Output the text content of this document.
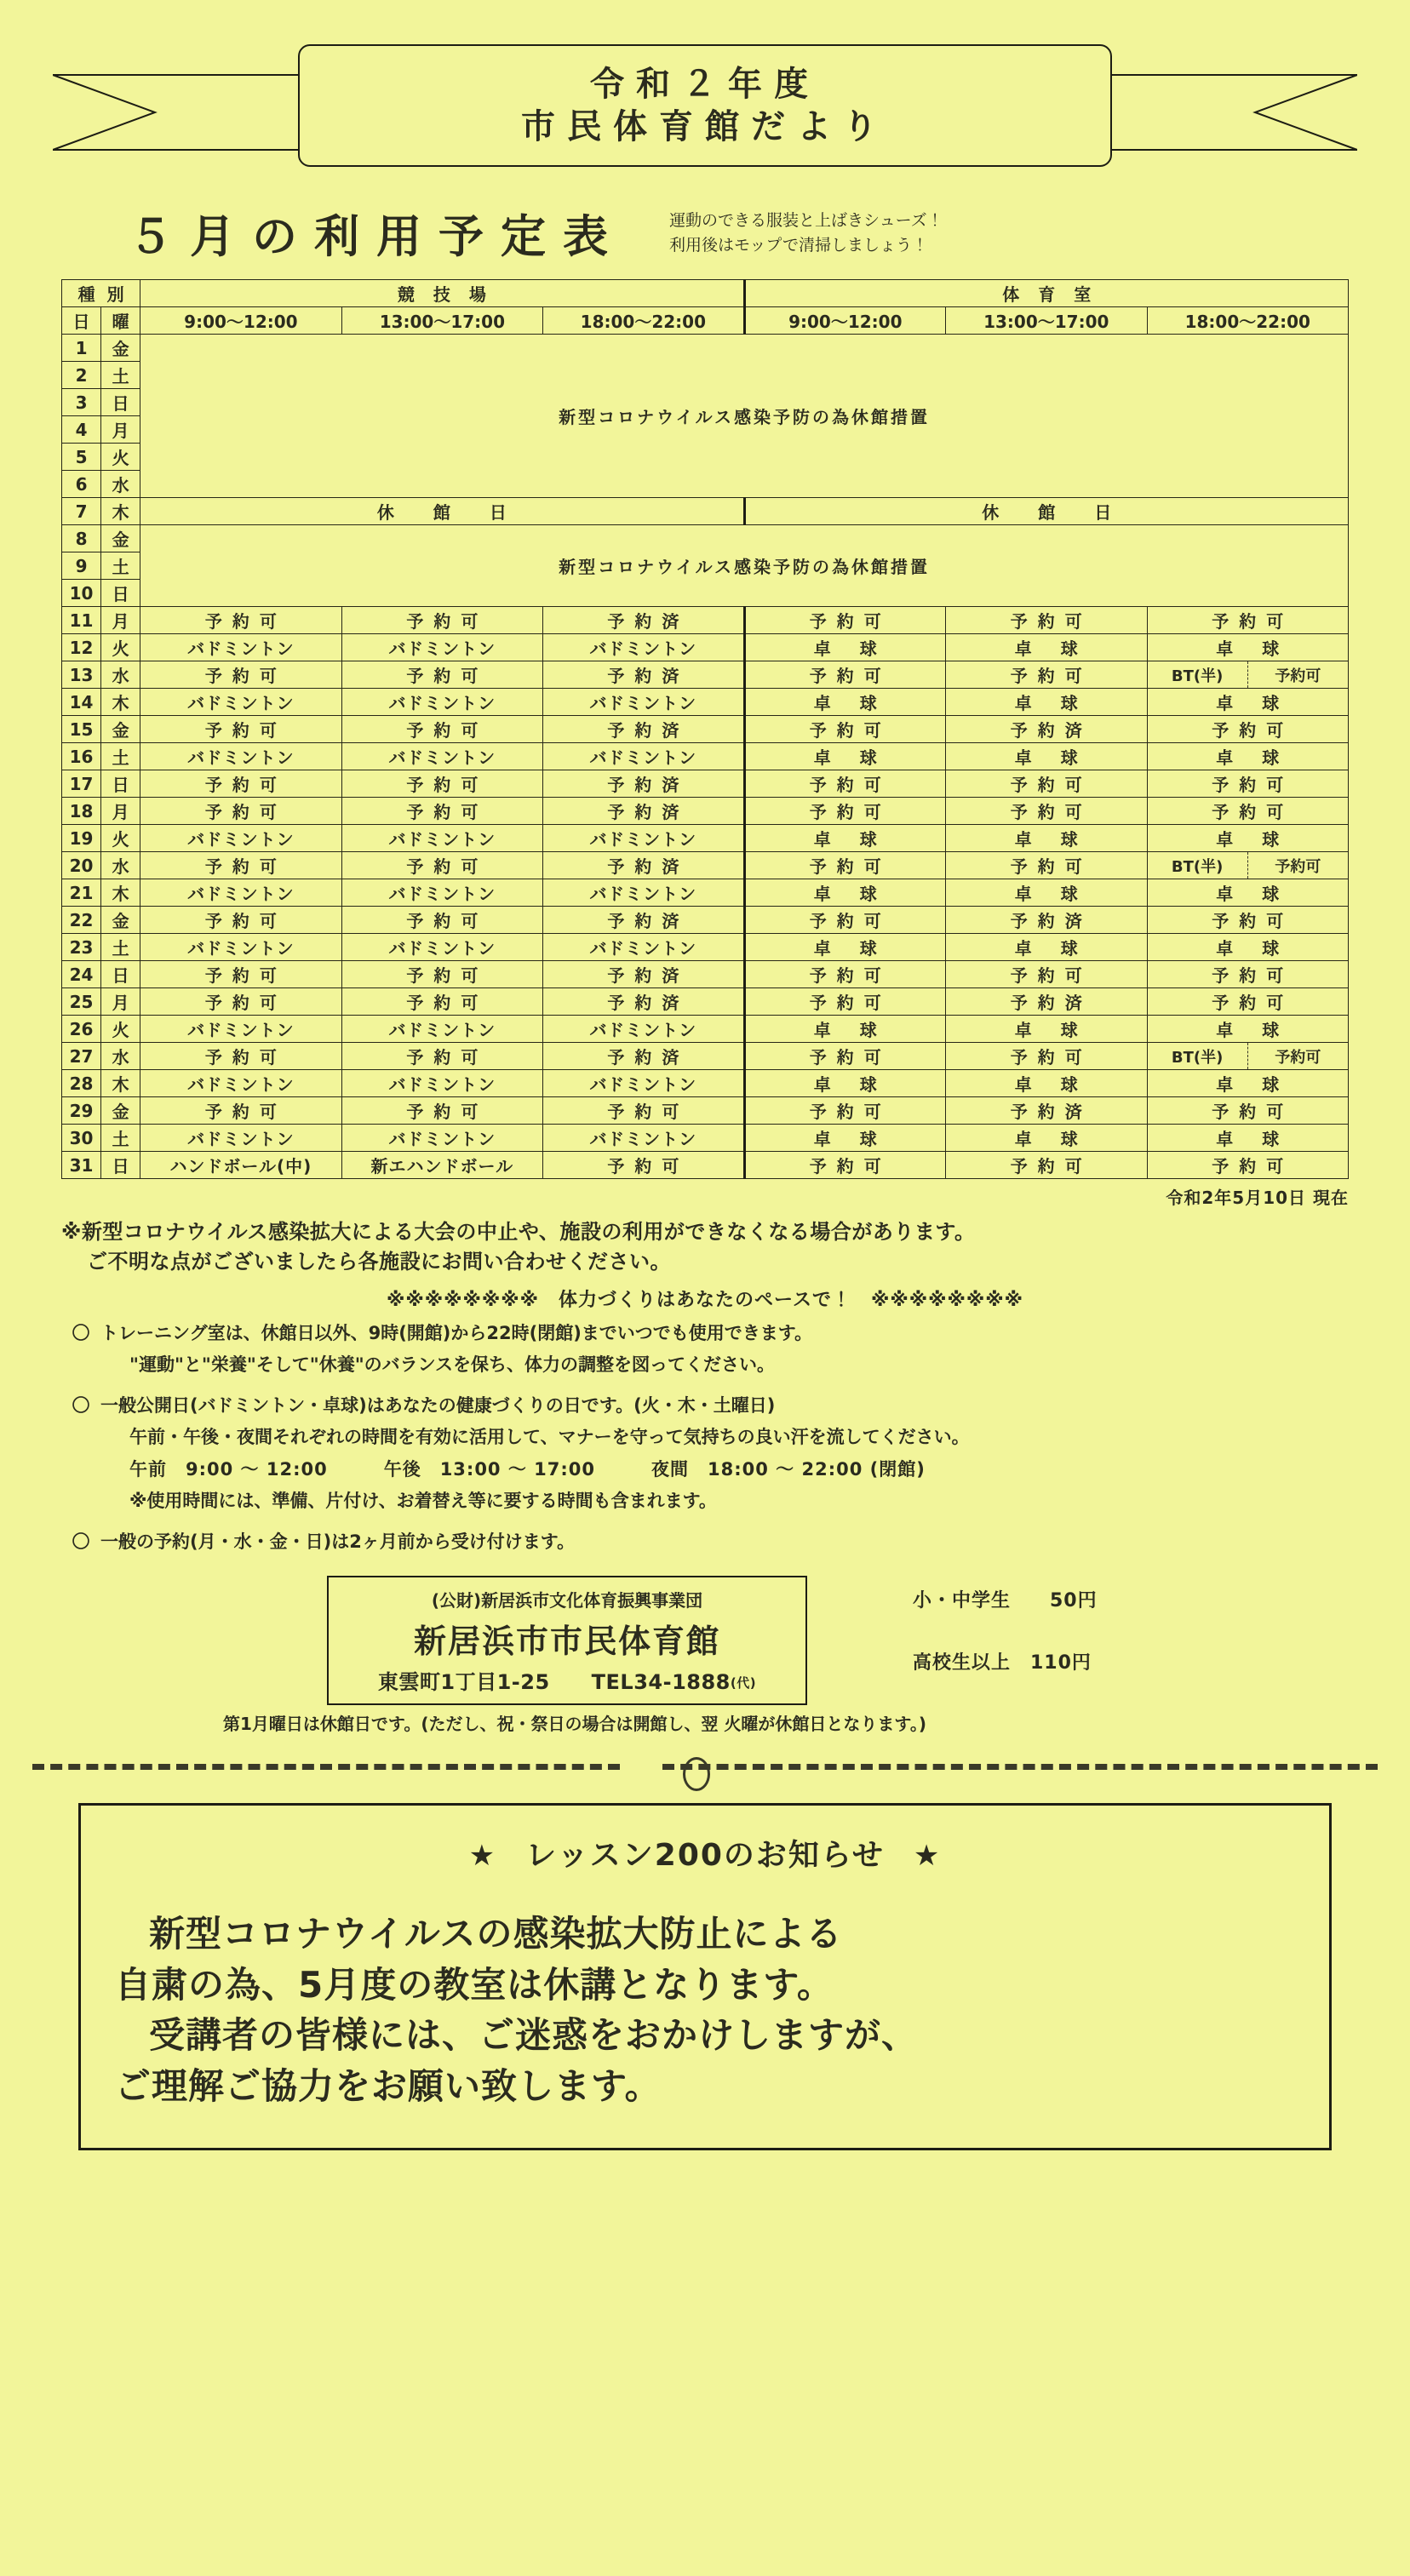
令和２年度
市民体育館だより
５月の利用予定表	運動のできる服装と上ばきシューズ！
利用後はモップで清掃しましょう！
種別		競技場			体育室		
日	曜	9:00～12:00	13:00～17:00	18:00～22:00	9:00～12:00	13:00～17:00	18:00～22:00
1	金	新型コロナウイルス感染予防の為休館措置					
2	土						
3	日						
4	月						
5	火						
6	水						
7	木	休　館　日			休　館　日		
8	金	新型コロナウイルス感染予防の為休館措置					
9	土						
10	日						
11	月	予約可	予約可	予約済	予約可	予約可	予約可
12	火	バドミントン	バドミントン	バドミントン	卓球	卓球	卓球
13	水	予約可	予約可	予約済	予約可	予約可	BT(半) 予約可

14	木	バドミントン	バドミントン	バドミントン	卓球	卓球	卓球
15	金	予約可	予約可	予約済	予約可	予約済	予約可
16	土	バドミントン	バドミントン	バドミントン	卓球	卓球	卓球
17	日	予約可	予約可	予約済	予約可	予約可	予約可
18	月	予約可	予約可	予約済	予約可	予約可	予約可
19	火	バドミントン	バドミントン	バドミントン	卓球	卓球	卓球
20	水	予約可	予約可	予約済	予約可	予約可	BT(半) 予約可

21	木	バドミントン	バドミントン	バドミントン	卓球	卓球	卓球
22	金	予約可	予約可	予約済	予約可	予約済	予約可
23	土	バドミントン	バドミントン	バドミントン	卓球	卓球	卓球
24	日	予約可	予約可	予約済	予約可	予約可	予約可
25	月	予約可	予約可	予約済	予約可	予約済	予約可
26	火	バドミントン	バドミントン	バドミントン	卓球	卓球	卓球
27	水	予約可	予約可	予約済	予約可	予約可	BT(半) 予約可

28	木	バドミントン	バドミントン	バドミントン	卓球	卓球	卓球
29	金	予約可	予約可	予約可	予約可	予約済	予約可
30	土	バドミントン	バドミントン	バドミントン	卓球	卓球	卓球
31	日	ハンドボール(中)	新エハンドボール	予約可	予約可	予約可	予約可
令和2年5月10日 現在
※新型コロナウイルス感染拡大による大会の中止や、施設の利用ができなくなる場合があります。
ご不明な点がございましたら各施設にお問い合わせください。
※※※※※※※※　体力づくりはあなたのペースで！　※※※※※※※※
〇 トレーニング室は、休館日以外、9時(開館)から22時(閉館)までいつでも使用できます。
"運動"と"栄養"そして"休養"のバランスを保ち、体力の調整を図ってください。
〇 一般公開日(バドミントン・卓球)はあなたの健康づくりの日です。(火・木・土曜日)
午前・午後・夜間それぞれの時間を有効に活用して、マナーを守って気持ちの良い汗を流してください。
午前　9:00 ～ 12:00　　　午後　13:00 ～ 17:00　　　夜間　18:00 ～ 22:00 (閉館)
※使用時間には、準備、片付け、お着替え等に要する時間も含まれます。
〇 一般の予約(月・水・金・日)は2ヶ月前から受け付けます。
(公財)新居浜市文化体育振興事業団
新居浜市市民体育館
東雲町1丁目1-25　　TEL34-1888(代)
小・中学生　　50円
高校生以上　110円
第1月曜日は休館日です。(ただし、祝・祭日の場合は開館し、翌 火曜が休館日となります。)
★ レッスン200のお知らせ ★
新型コロナウイルスの感染拡大防止による
自粛の為、5月度の教室は休講となります。
受講者の皆様には、ご迷惑をおかけしますが、
ご理解ご協力をお願い致します。
